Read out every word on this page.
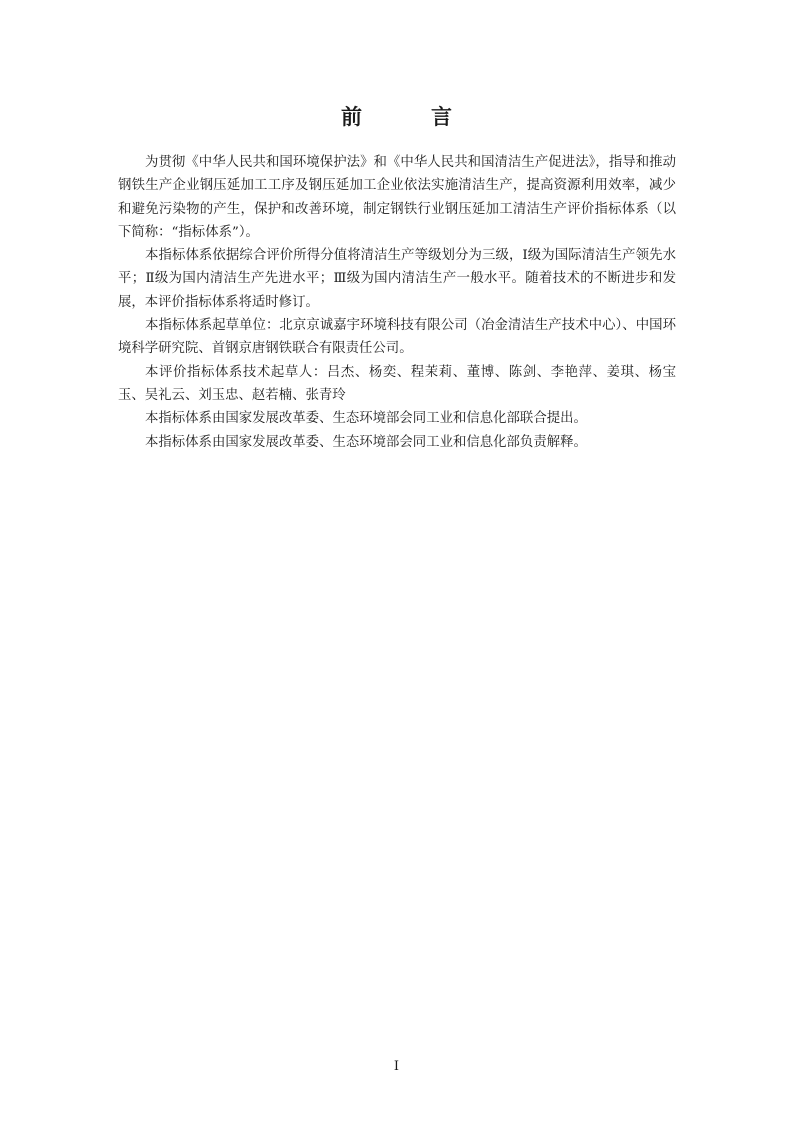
前　言

为贯彻《中华人民共和国环境保护法》和《中华人民共和国清洁生产促进法》，指导和推动钢铁生产企业钢压延加工工序及钢压延加工企业依法实施清洁生产，提高资源利用效率，减少和避免污染物的产生，保护和改善环境，制定钢铁行业钢压延加工清洁生产评价指标体系（以下简称：“指标体系”）。

本指标体系依据综合评价所得分值将清洁生产等级划分为三级，Ⅰ级为国际清洁生产领先水平；Ⅱ级为国内清洁生产先进水平；Ⅲ级为国内清洁生产一般水平。随着技术的不断进步和发展，本评价指标体系将适时修订。

本指标体系起草单位：北京京诚嘉宇环境科技有限公司（冶金清洁生产技术中心）、中国环境科学研究院、首钢京唐钢铁联合有限责任公司。

本评价指标体系技术起草人：吕杰、杨奕、程茉莉、董博、陈剑、李艳萍、姜琪、杨宝玉、吴礼云、刘玉忠、赵若楠、张青玲

本指标体系由国家发展改革委、生态环境部会同工业和信息化部联合提出。

本指标体系由国家发展改革委、生态环境部会同工业和信息化部负责解释。

I
